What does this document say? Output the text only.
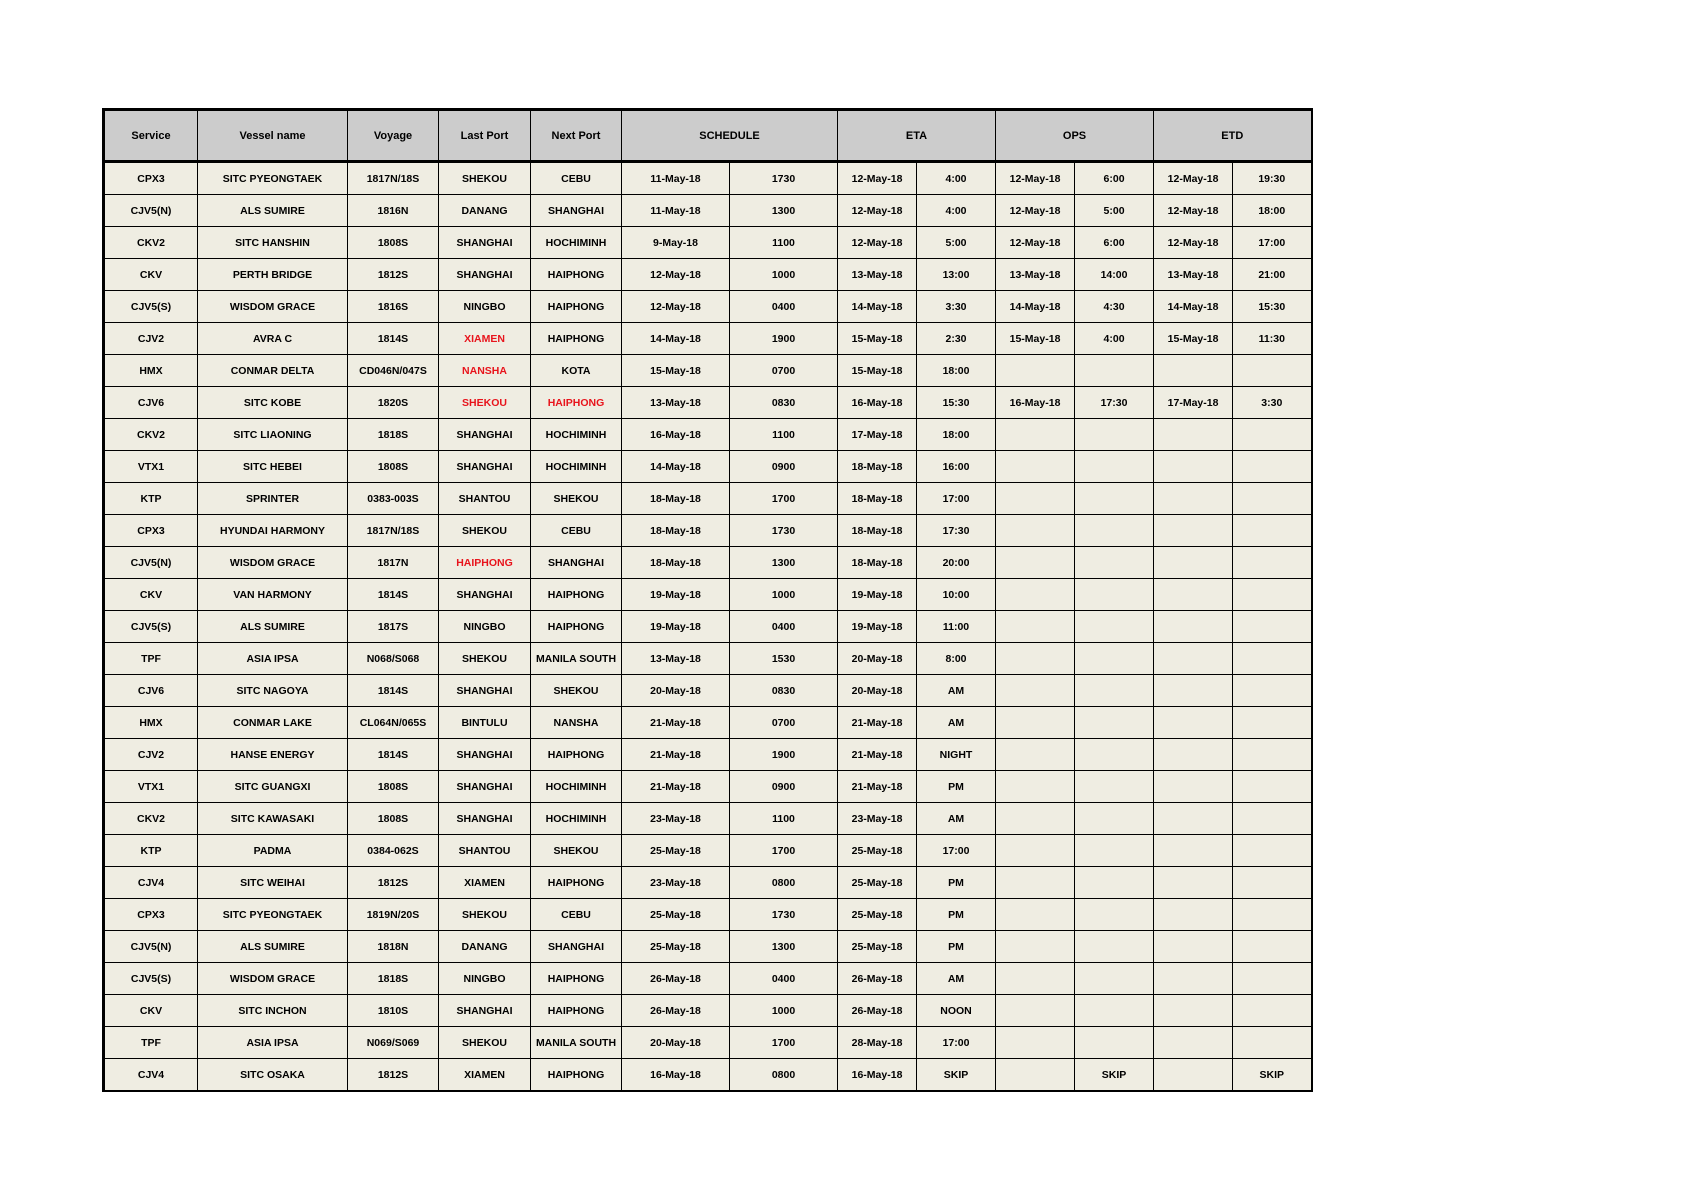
Service	Vessel name	Voyage	Last Port	Next Port	SCHEDULE		ETA		OPS		ETD	
CPX3	SITC PYEONGTAEK	1817N/18S	SHEKOU	CEBU	11-May-18	1730	12-May-18	4:00	12-May-18	6:00	12-May-18	19:30
CJV5(N)	ALS SUMIRE	1816N	DANANG	SHANGHAI	11-May-18	1300	12-May-18	4:00	12-May-18	5:00	12-May-18	18:00
CKV2	SITC HANSHIN	1808S	SHANGHAI	HOCHIMINH	9-May-18	1100	12-May-18	5:00	12-May-18	6:00	12-May-18	17:00
CKV	PERTH BRIDGE	1812S	SHANGHAI	HAIPHONG	12-May-18	1000	13-May-18	13:00	13-May-18	14:00	13-May-18	21:00
CJV5(S)	WISDOM GRACE	1816S	NINGBO	HAIPHONG	12-May-18	0400	14-May-18	3:30	14-May-18	4:30	14-May-18	15:30
CJV2	AVRA C	1814S	XIAMEN	HAIPHONG	14-May-18	1900	15-May-18	2:30	15-May-18	4:00	15-May-18	11:30
HMX	CONMAR DELTA	CD046N/047S	NANSHA	KOTA	15-May-18	0700	15-May-18	18:00				
CJV6	SITC KOBE	1820S	SHEKOU	HAIPHONG	13-May-18	0830	16-May-18	15:30	16-May-18	17:30	17-May-18	3:30
CKV2	SITC LIAONING	1818S	SHANGHAI	HOCHIMINH	16-May-18	1100	17-May-18	18:00				
VTX1	SITC HEBEI	1808S	SHANGHAI	HOCHIMINH	14-May-18	0900	18-May-18	16:00				
KTP	SPRINTER	0383-003S	SHANTOU	SHEKOU	18-May-18	1700	18-May-18	17:00				
CPX3	HYUNDAI HARMONY	1817N/18S	SHEKOU	CEBU	18-May-18	1730	18-May-18	17:30				
CJV5(N)	WISDOM GRACE	1817N	HAIPHONG	SHANGHAI	18-May-18	1300	18-May-18	20:00				
CKV	VAN HARMONY	1814S	SHANGHAI	HAIPHONG	19-May-18	1000	19-May-18	10:00				
CJV5(S)	ALS SUMIRE	1817S	NINGBO	HAIPHONG	19-May-18	0400	19-May-18	11:00				
TPF	ASIA IPSA	N068/S068	SHEKOU	MANILA SOUTH	13-May-18	1530	20-May-18	8:00				
CJV6	SITC NAGOYA	1814S	SHANGHAI	SHEKOU	20-May-18	0830	20-May-18	AM				
HMX	CONMAR LAKE	CL064N/065S	BINTULU	NANSHA	21-May-18	0700	21-May-18	AM				
CJV2	HANSE ENERGY	1814S	SHANGHAI	HAIPHONG	21-May-18	1900	21-May-18	NIGHT				
VTX1	SITC GUANGXI	1808S	SHANGHAI	HOCHIMINH	21-May-18	0900	21-May-18	PM				
CKV2	SITC KAWASAKI	1808S	SHANGHAI	HOCHIMINH	23-May-18	1100	23-May-18	AM				
KTP	PADMA	0384-062S	SHANTOU	SHEKOU	25-May-18	1700	25-May-18	17:00				
CJV4	SITC WEIHAI	1812S	XIAMEN	HAIPHONG	23-May-18	0800	25-May-18	PM				
CPX3	SITC PYEONGTAEK	1819N/20S	SHEKOU	CEBU	25-May-18	1730	25-May-18	PM				
CJV5(N)	ALS SUMIRE	1818N	DANANG	SHANGHAI	25-May-18	1300	25-May-18	PM				
CJV5(S)	WISDOM GRACE	1818S	NINGBO	HAIPHONG	26-May-18	0400	26-May-18	AM				
CKV	SITC INCHON	1810S	SHANGHAI	HAIPHONG	26-May-18	1000	26-May-18	NOON				
TPF	ASIA IPSA	N069/S069	SHEKOU	MANILA SOUTH	20-May-18	1700	28-May-18	17:00				
CJV4	SITC OSAKA	1812S	XIAMEN	HAIPHONG	16-May-18	0800	16-May-18	SKIP		SKIP		SKIP
